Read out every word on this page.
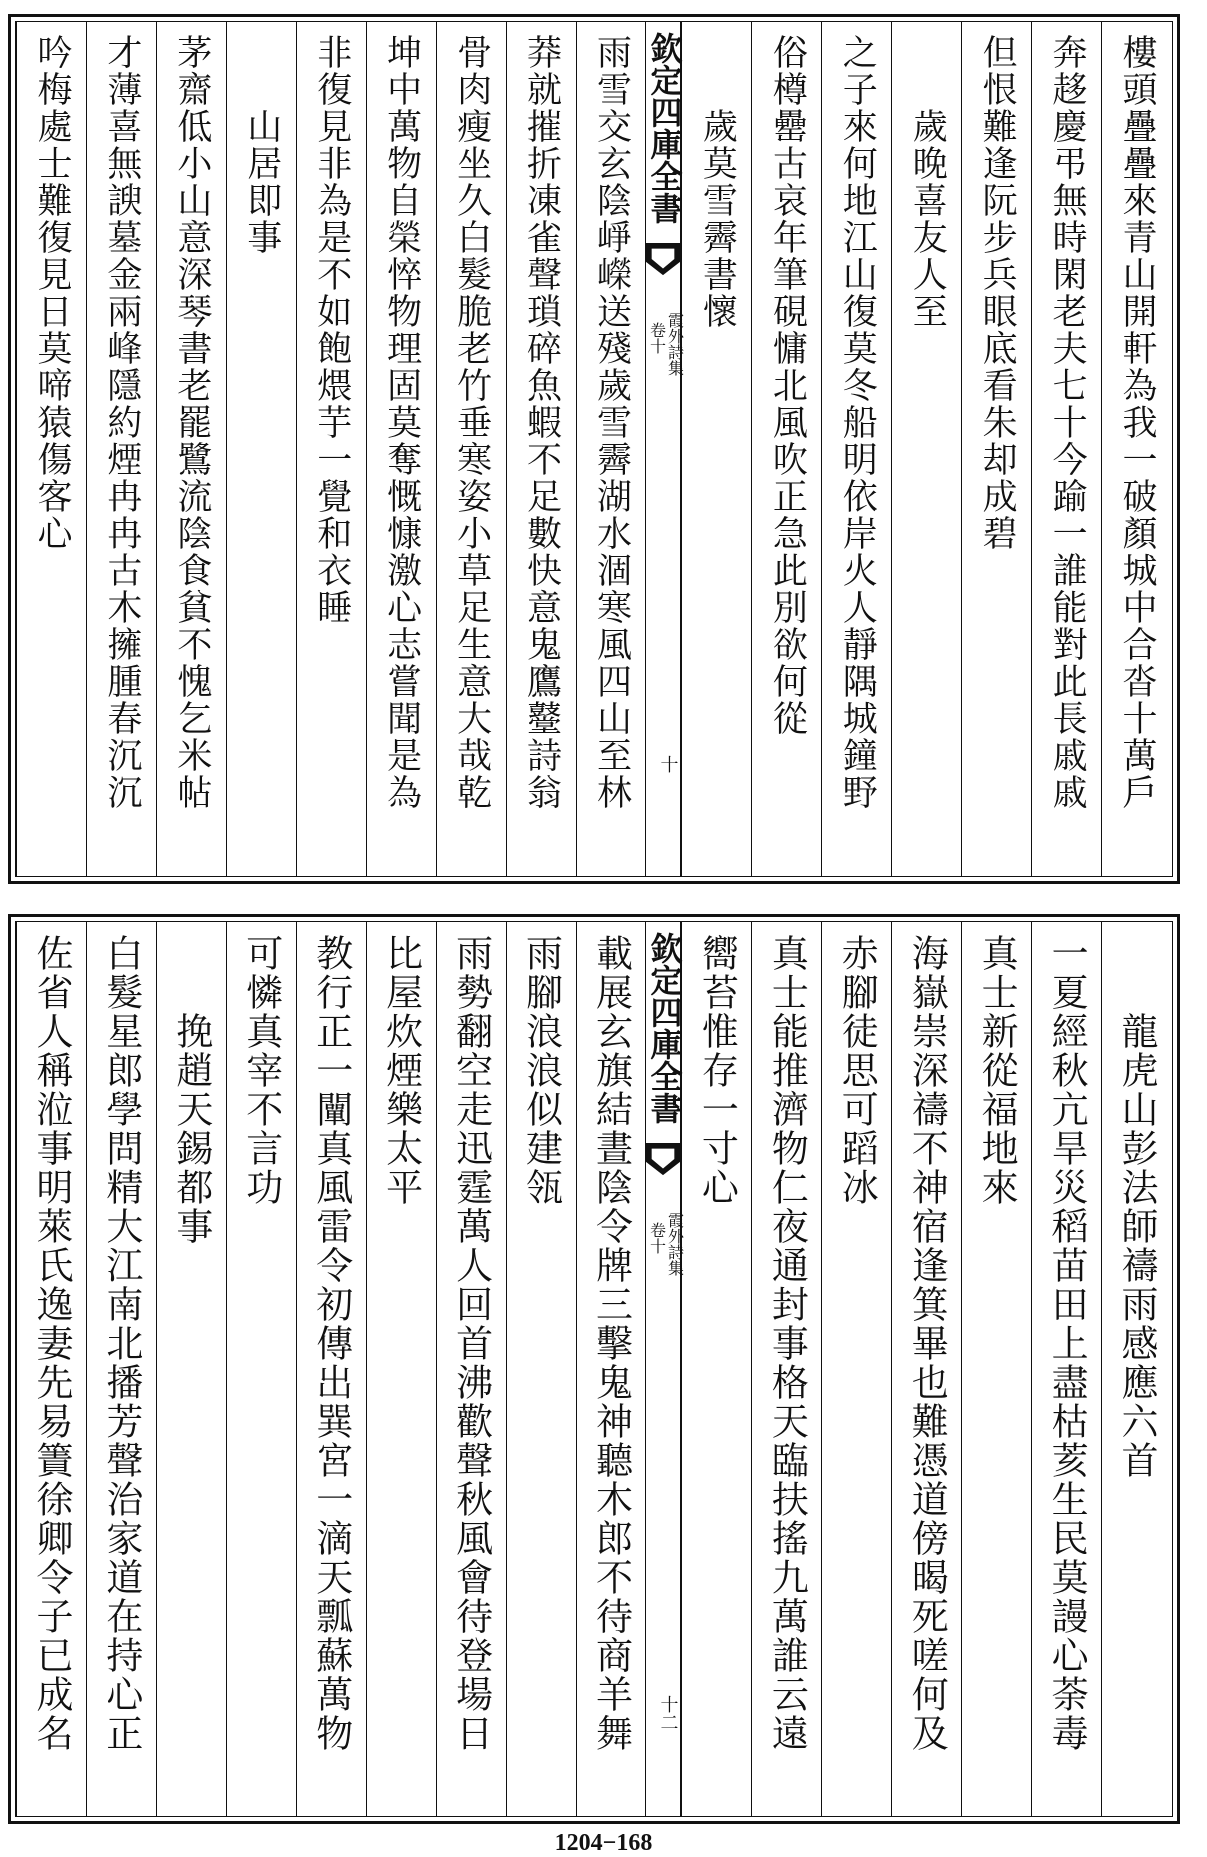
樓頭疊疊來青山開軒為我一破顏城中合沓十萬戶
奔趍慶弔無時閑老夫七十今踰一誰能對此長戚戚
但恨難逢阮步兵眼底看朱却成碧
歲晚喜友人至
之子來何地江山復莫冬船明依岸火人靜隅城鐘野
俗樽罍古哀年筆硯慵北風吹正急此別欲何從
歲莫雪霽書懷
欽定四庫全書
霞外詩集
卷十
十
雨雪交玄陰崢嶸送殘歲雪霽湖水涸寒風四山至林
莽就摧折凍雀聲瑣碎魚蝦不足數快意鬼鷹鼞詩翁
骨肉瘦坐久白髮脆老竹垂寒姿小草足生意大哉乾
坤中萬物自榮悴物理固莫奪慨慷激心志嘗聞是為
非復見非為是不如飽煨芋一覺和衣睡
山居即事
茅齋低小山意深琴書老罷鷺流陰食貧不愧乞米帖
才薄喜無諛墓金兩峰隱約煙冉冉古木擁腫春沉沉
吟梅處士難復見日莫啼猿傷客心
龍虎山彭法師禱雨感應六首
一夏經秋亢旱災稻苗田上盡枯荄生民莫謾心荼毒
真士新從福地來
海嶽崇深禱不神宿逢箕畢也難憑道傍暍死嗟何及
赤腳徒思可蹈冰
真士能推濟物仁夜通封事格天臨扶搖九萬誰云遠
嚮苔惟存一寸心
欽定四庫全書
霞外詩集
卷十
十二
載展玄旗結晝陰令牌三擊鬼神聽木郎不待商羊舞
雨腳浪浪似建瓴
雨勢翻空走迅霆萬人回首沸歡聲秋風會待登場日
比屋炊煙樂太平
教行正一闡真風雷令初傳出巽宮一滴天瓢蘇萬物
可憐真宰不言功
挽趙天錫都事
白髮星郎學問精大江南北播芳聲治家道在持心正
佐省人稱涖事明萊氏逸妻先易簀徐卿令子已成名
1204−168
